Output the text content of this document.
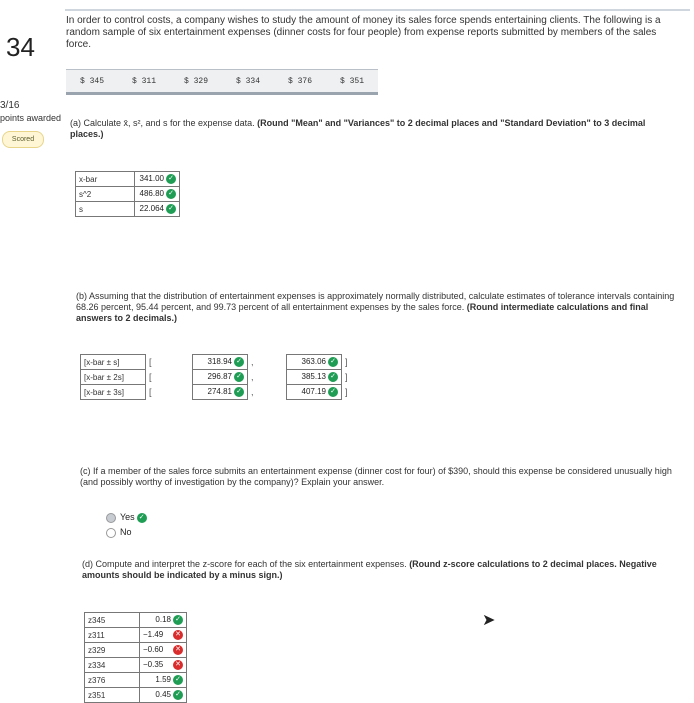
34
3/16
points awarded
Scored
In order to control costs, a company wishes to study the amount of money its sales force spends entertaining clients. The following is a random sample of six entertainment expenses (dinner costs for four people) from expense reports submitted by members of the sales force.
$ 345	$ 311	$ 329	$ 334	$ 376	$ 351
(a) Calculate x̄, s², and s for the expense data. (Round "Mean" and "Variances" to 2 decimal places and "Standard Deviation" to 3 decimal places.)
x-bar	341.00 ✓
s^2	486.80 ✓
s	22.064 ✓
(b) Assuming that the distribution of entertainment expenses is approximately normally distributed, calculate estimates of tolerance intervals containing 68.26 percent, 95.44 percent, and 99.73 percent of all entertainment expenses by the sales force. (Round intermediate calculations and final answers to 2 decimals.)
[x-bar ± s]	[	318.94 ✓	,	363.06 ✓	]
[x-bar ± 2s]	[	296.87 ✓	,	385.13 ✓	]
[x-bar ± 3s]	[	274.81 ✓	,	407.19 ✓	]
(c) If a member of the sales force submits an entertainment expense (dinner cost for four) of $390, should this expense be considered unusually high (and possibly worthy of investigation by the company)? Explain your answer.
Yes ✓
No
(d) Compute and interpret the z-score for each of the six entertainment expenses. (Round z-score calculations to 2 decimal places. Negative amounts should be indicated by a minus sign.)
z345	0.18 ✓
z311	−1.49 ✕
z329	−0.60 ✕
z334	−0.35 ✕
z376	1.59 ✓
z351	0.45 ✓
➤
